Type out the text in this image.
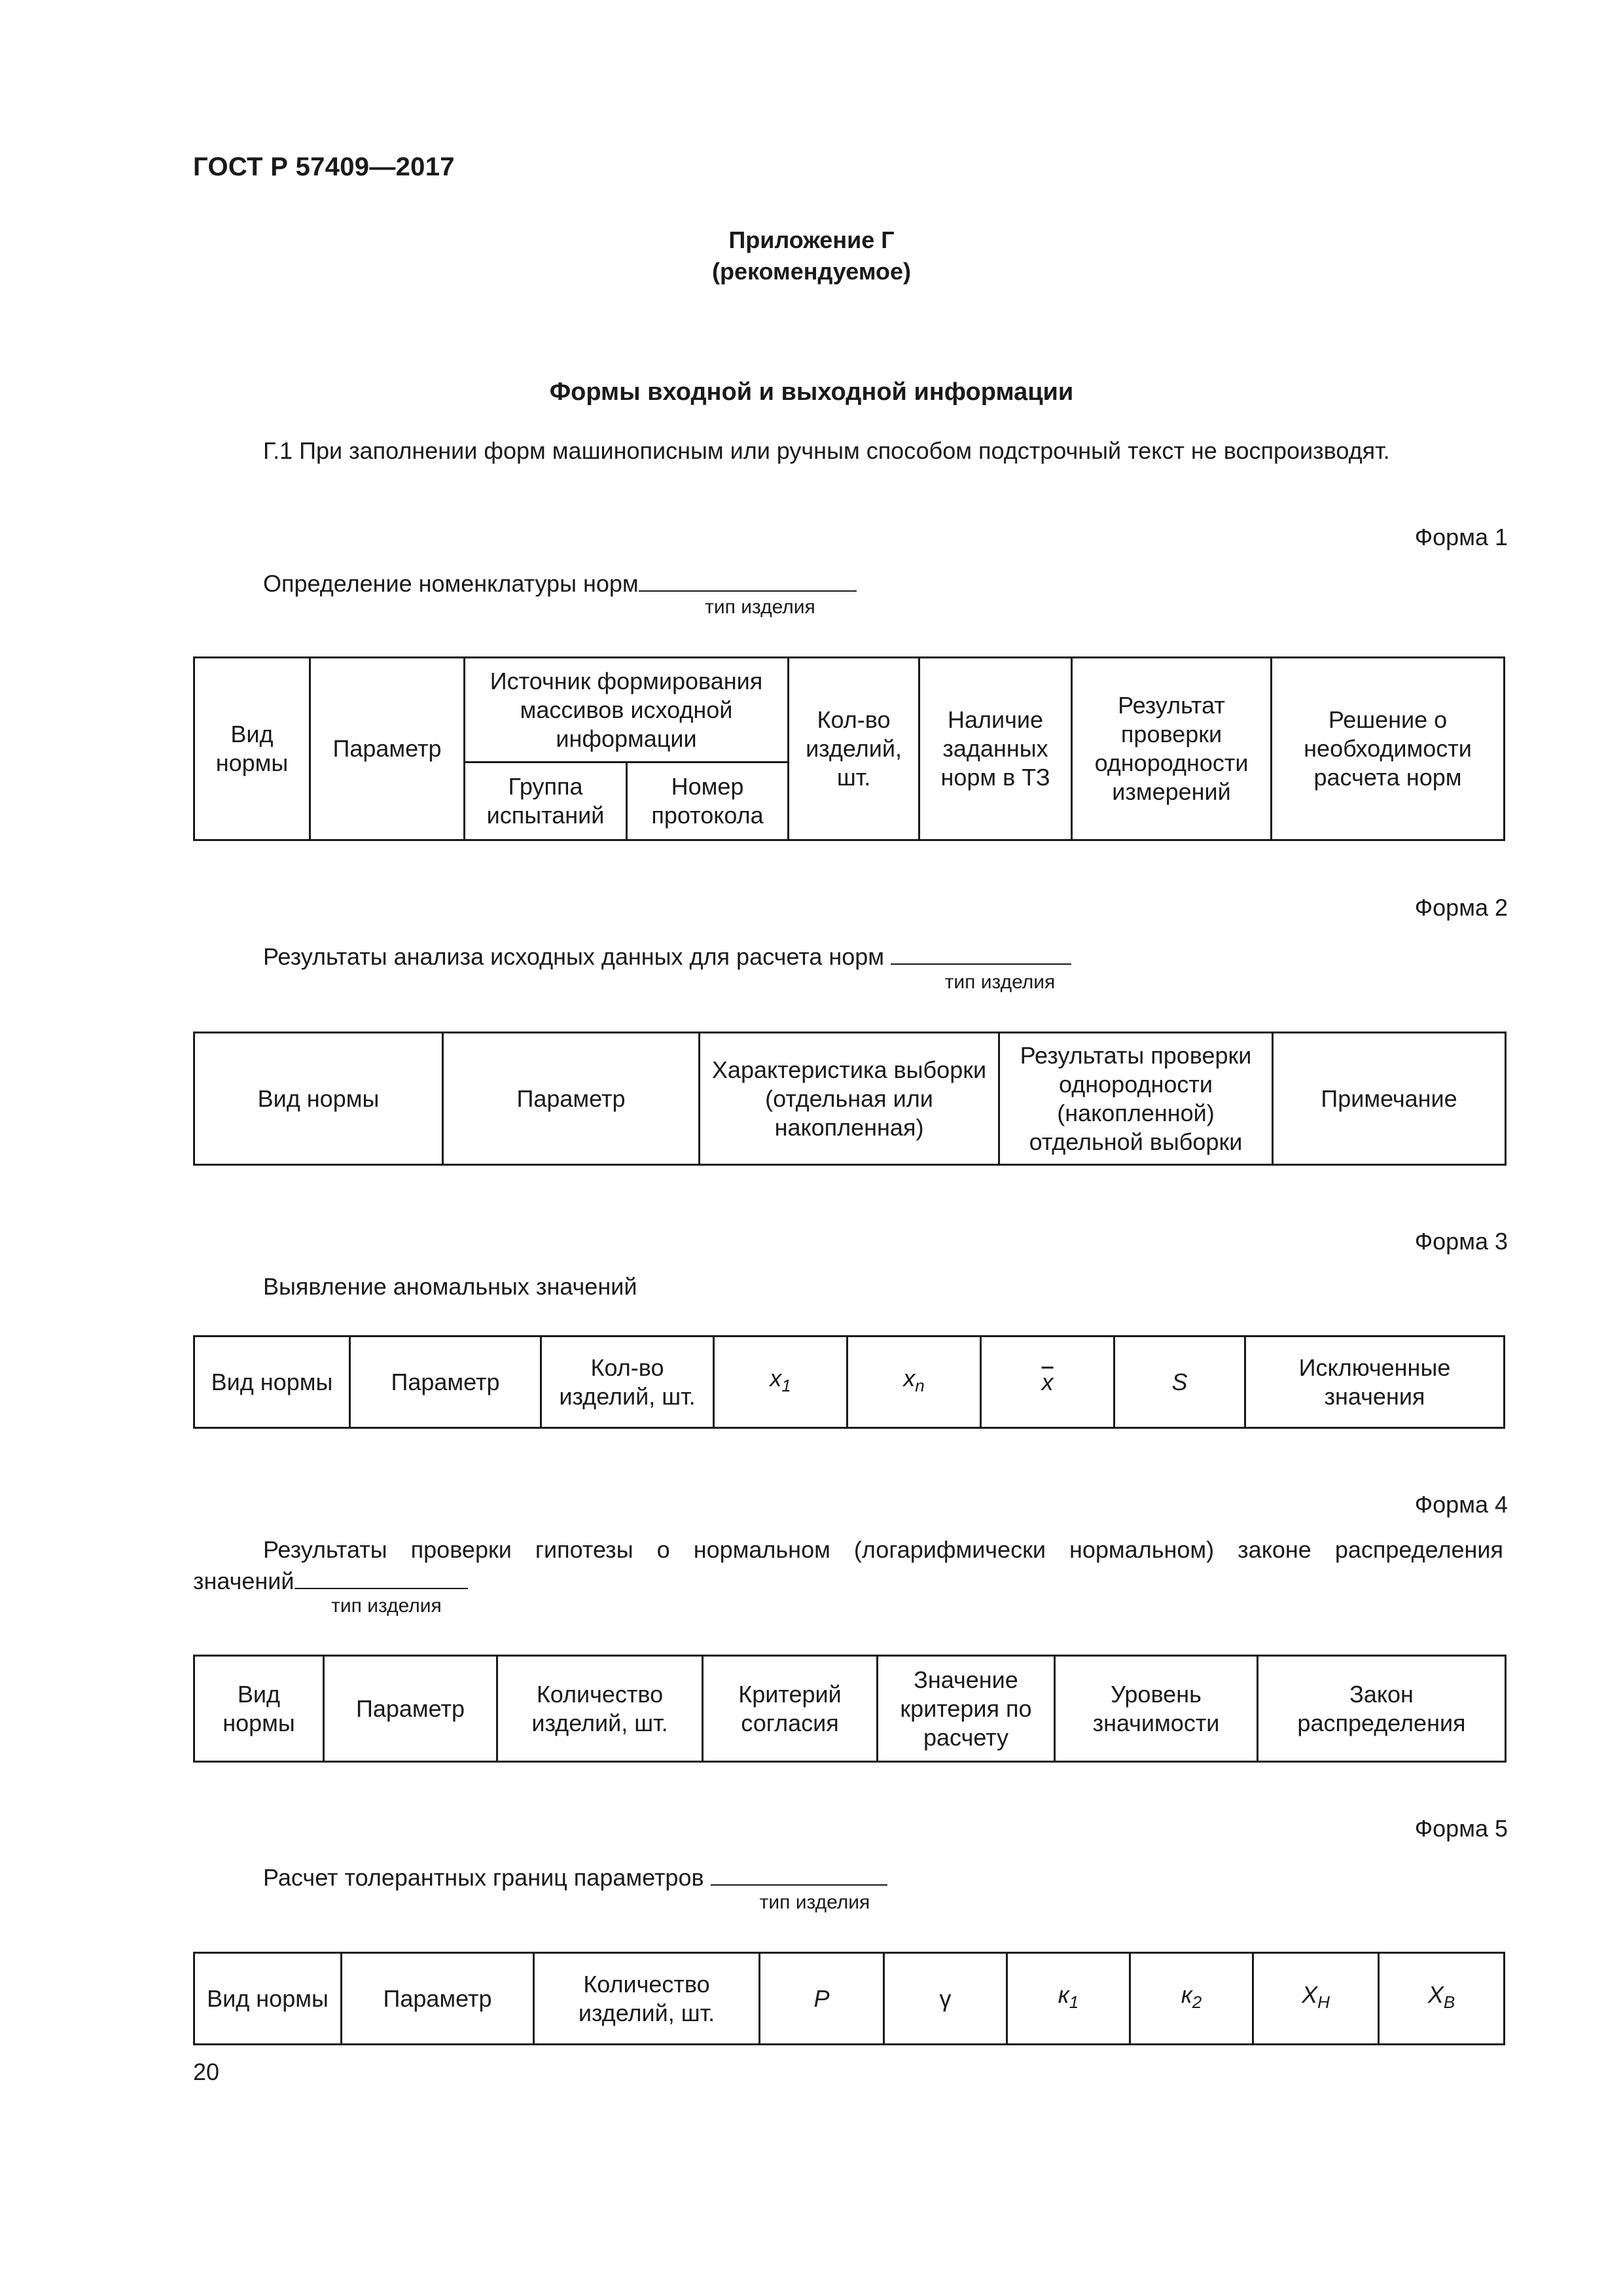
ГОСТ Р 57409—2017
Приложение Г
(рекомендуемое)
Формы входной и выходной информации
Г.1 При заполнении форм машинописным или ручным способом подстрочный текст не воспроизводят.
Форма 1
Определение номенклатуры норм
тип изделия
Вид нормы	Параметр	Источник формирования массивов исходной информации		Кол-во изделий, шт.	Наличие заданных норм в ТЗ	Результат проверки однородности измерений	Решение о необходимости расчета норм
		Группа испытаний	Номер протокола				
Форма 2
Результаты анализа исходных данных для расчета норм
тип изделия
Вид нормы	Параметр	Характеристика выборки (отдельная или накопленная)	Результаты проверки однородности (накопленной) отдельной выборки	Примечание
Форма 3
Выявление аномальных значений
Вид нормы	Параметр	Кол-во изделий, шт.	$x_1$	$x_n$	$\overline{x}$	S	Исключенные значения
Форма 4
Результаты проверки гипотезы о нормальном (логарифмически нормальном) законе распределения
значений
тип изделия
Вид нормы	Параметр	Количество изделий, шт.	Критерий согласия	Значение критерия по расчету	Уровень значимости	Закон распределения
Форма 5
Расчет толерантных границ параметров
тип изделия
Вид нормы	Параметр	Количество изделий, шт.	P	γ	$к_1$	$к_2$	$X_H$	$X_B$
20
